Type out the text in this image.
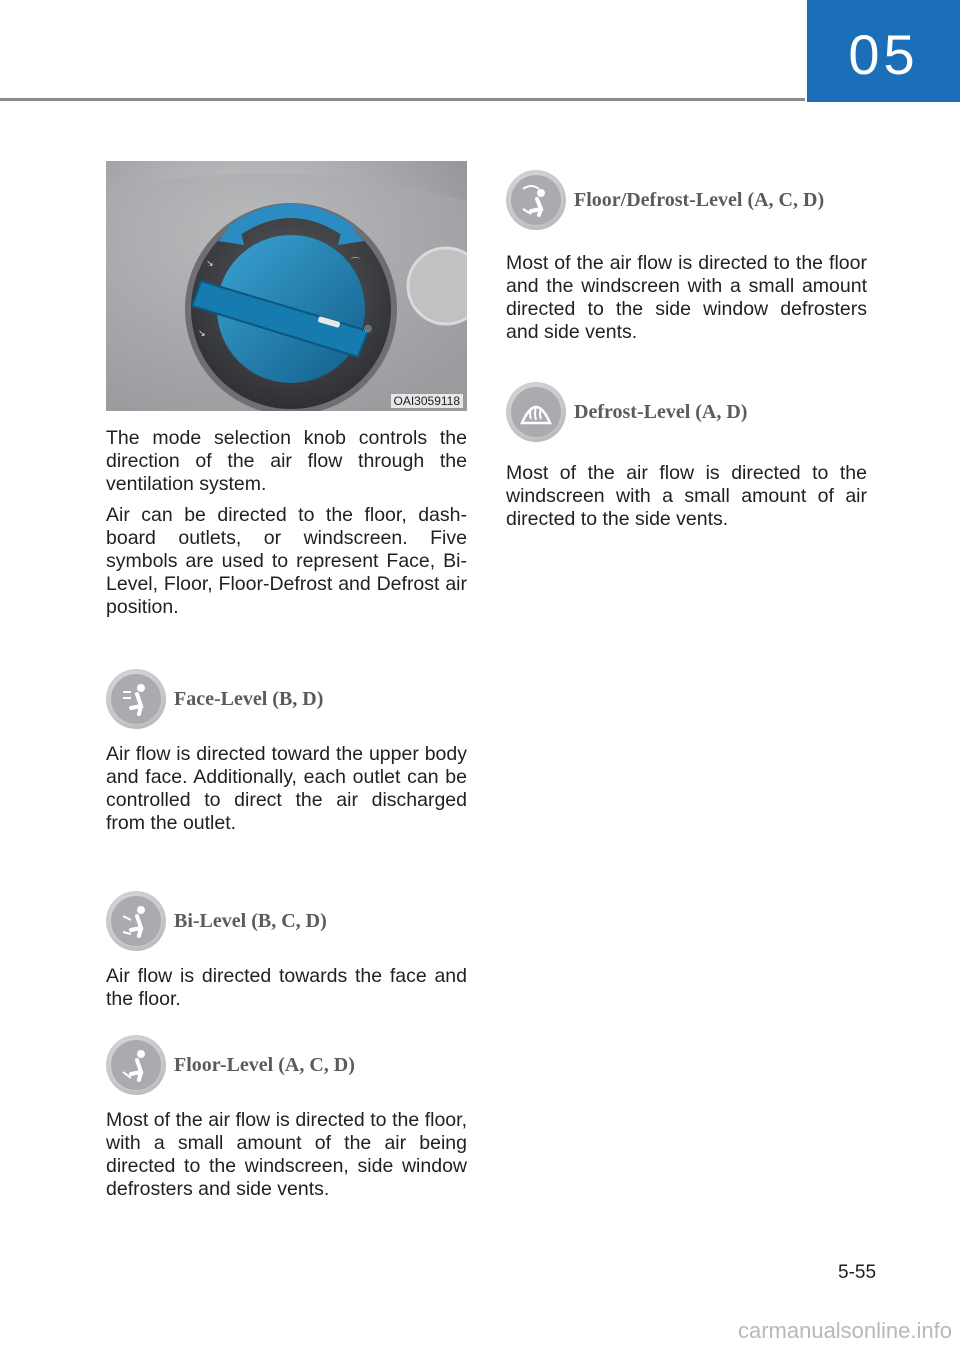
05
↘
↘
⌒
◎
OAI3059118

The mode selection knob controls the direction of the air flow through the ventilation system.

Air can be directed to the floor, dashboard outlets, or windscreen. Five symbols are used to represent Face, Bi-Level, Floor, Floor-Defrost and Defrost air position.

Face-Level (B, D)

Air flow is directed toward the upper body and face. Additionally, each outlet can be controlled to direct the air discharged from the outlet.

Bi-Level (B, C, D)

Air flow is directed towards the face and the floor.

Floor-Level (A, C, D)

Most of the air flow is directed to the floor, with a small amount of the air being directed to the windscreen, side window defrosters and side vents.

Floor/Defrost-Level (A, C, D)

Most of the air flow is directed to the floor and the windscreen with a small amount directed to the side window defrosters and side vents.

Defrost-Level (A, D)

Most of the air flow is directed to the windscreen with a small amount of air directed to the side vents.

5-55
carmanualsonline.info
